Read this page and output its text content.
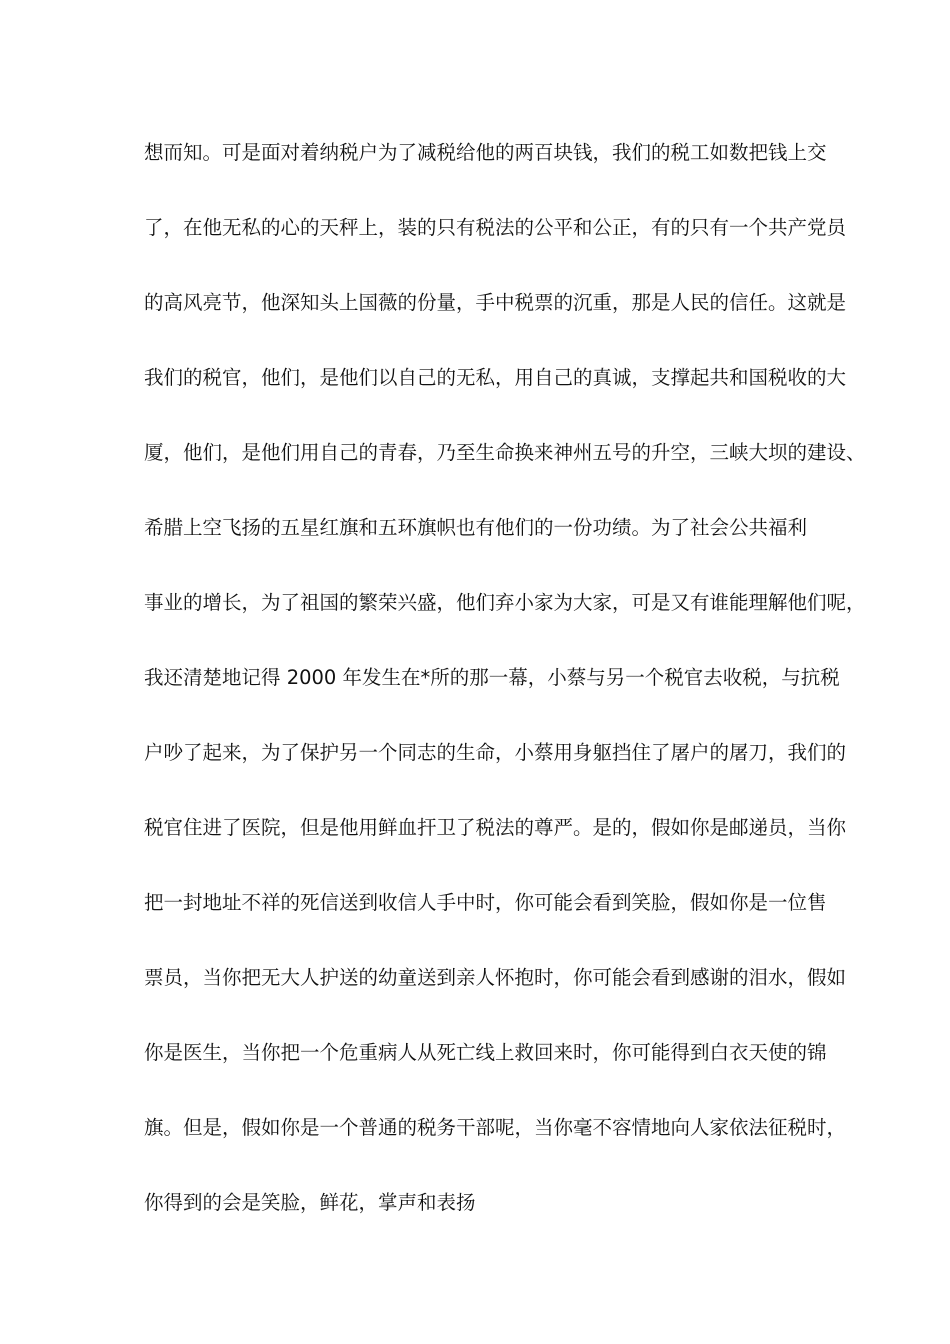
想而知。可是面对着纳税户为了减税给他的两百块钱，我们的税工如数把钱上交
了，在他无私的心的天秤上，装的只有税法的公平和公正，有的只有一个共产党员
的高风亮节，他深知头上国薇的份量，手中税票的沉重，那是人民的信任。这就是
我们的税官，他们，是他们以自己的无私，用自己的真诚，支撑起共和国税收的大
厦，他们，是他们用自己的青春，乃至生命换来神州五号的升空，三峡大坝的建设、
希腊上空飞扬的五星红旗和五环旗帜也有他们的一份功绩。为了社会公共福利
事业的增长，为了祖国的繁荣兴盛，他们弃小家为大家，可是又有谁能理解他们呢，
我还清楚地记得 2000 年发生在*所的那一幕，小蔡与另一个税官去收税，与抗税
户吵了起来，为了保护另一个同志的生命，小蔡用身躯挡住了屠户的屠刀，我们的
税官住进了医院，但是他用鲜血扞卫了税法的尊严。是的，假如你是邮递员，当你
把一封地址不祥的死信送到收信人手中时，你可能会看到笑脸，假如你是一位售
票员，当你把无大人护送的幼童送到亲人怀抱时，你可能会看到感谢的泪水，假如
你是医生，当你把一个危重病人从死亡线上救回来时，你可能得到白衣天使的锦
旗。但是，假如你是一个普通的税务干部呢，当你毫不容情地向人家依法征税时，
你得到的会是笑脸，鲜花，掌声和表扬
